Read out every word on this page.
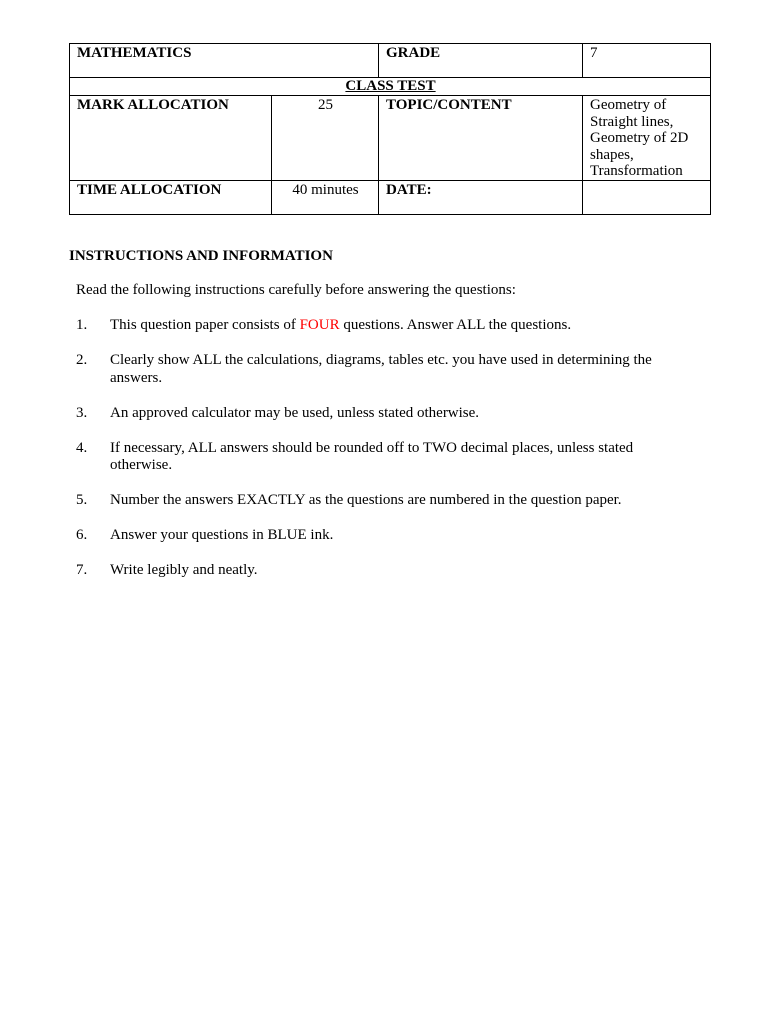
MATHEMATICS		GRADE	7
CLASS TEST			
MARK ALLOCATION	25	TOPIC/CONTENT	Geometry of
Straight lines,
Geometry of 2D
shapes,
Transformation

TIME ALLOCATION	40 minutes	DATE:	

INSTRUCTIONS AND INFORMATION

Read the following instructions carefully before answering the questions:

1. This question paper consists of FOUR questions. Answer ALL the questions.
2. Clearly show ALL the calculations, diagrams, tables etc. you have used in determining the answers.
3. An approved calculator may be used, unless stated otherwise.
4. If necessary, ALL answers should be rounded off to TWO decimal places, unless stated otherwise.
5. Number the answers EXACTLY as the questions are numbered in the question paper.
6. Answer your questions in BLUE ink.
7. Write legibly and neatly.
